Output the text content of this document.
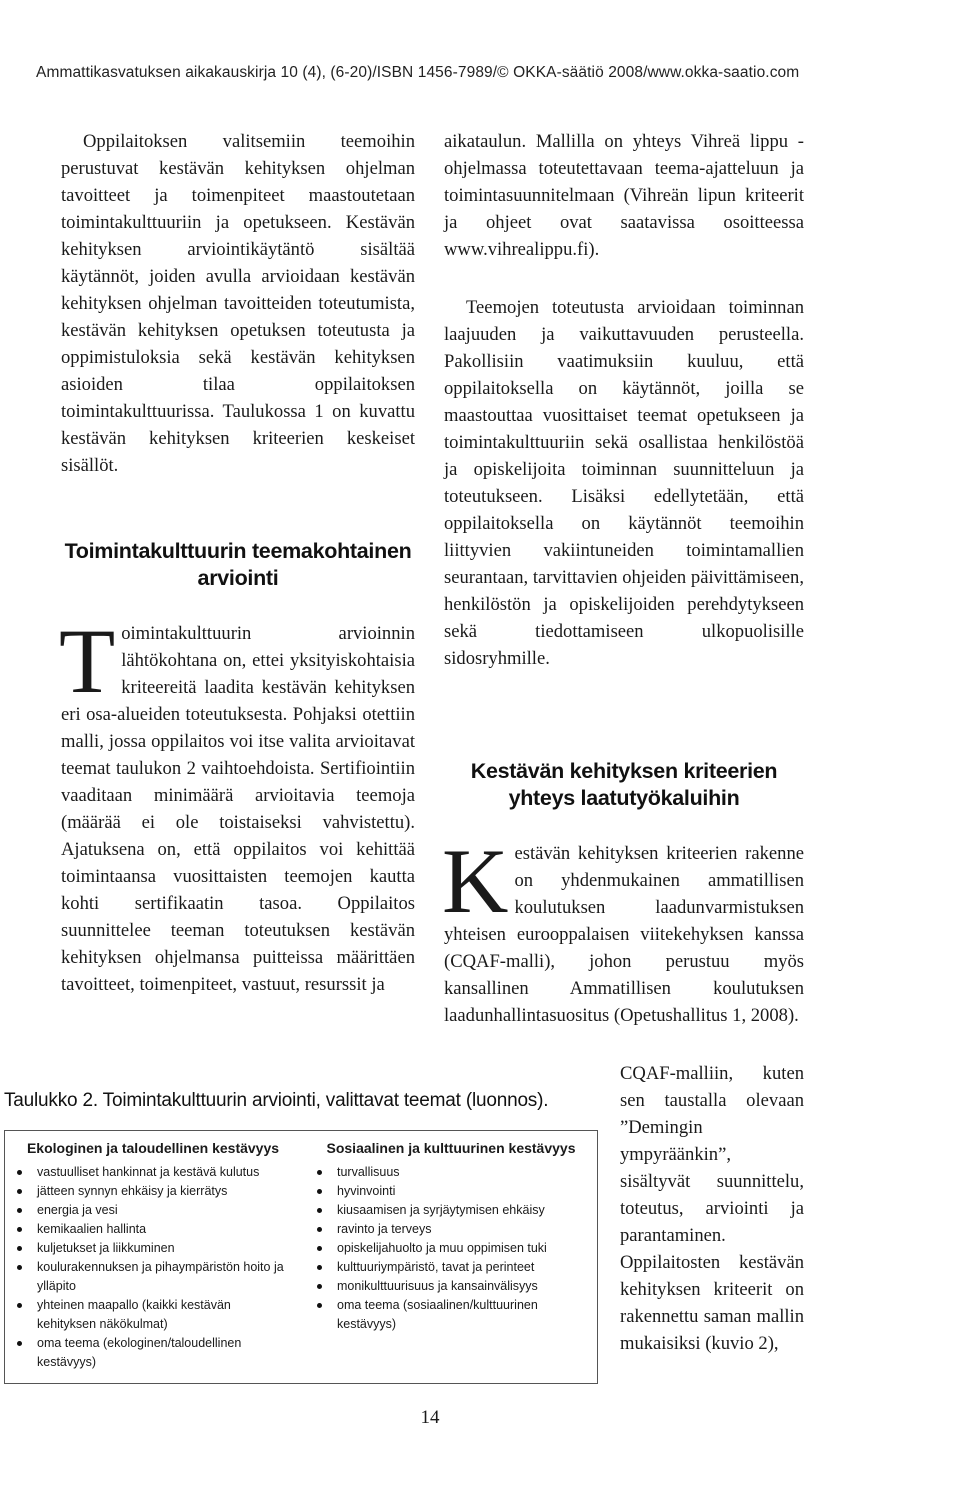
Ammattikasvatuksen aikakauskirja 10 (4), (6-20)/ISBN 1456-7989/© OKKA-säätiö 2008/www.okka-saatio.com

Oppilaitoksen valitsemiin teemoihin perustuvat kestävän kehityksen ohjelman tavoitteet ja toimenpiteet maastoutetaan toimintakulttuuriin ja opetukseen. Kestävän kehityksen arviointikäytäntö sisältää käytännöt, joiden avulla arvioidaan kestävän kehityksen ohjelman tavoitteiden toteutumista, kestävän kehityksen opetuksen toteutusta ja oppimistuloksia sekä kestävän kehityksen asioiden tilaa oppilaitoksen toimintakulttuurissa. Taulukossa 1 on kuvattu kestävän kehityksen kriteerien keskeiset sisällöt.

Toimintakulttuurin teemakohtainen arviointi
Toimintakulttuurin arvioinnin lähtökohtana on, ettei yksityiskohtaisia kriteereitä laadita kestävän kehityksen eri osa-alueiden toteutuksesta. Pohjaksi otettiin malli, jossa oppilaitos voi itse valita arvioitavat teemat taulukon 2 vaihtoehdoista. Sertifiointiin vaaditaan minimäärä arvioitavia teemoja (määrää ei ole toistaiseksi vahvistettu). Ajatuksena on, että oppilaitos voi kehittää toimintaansa vuosittaisten teemojen kautta kohti sertifikaatin tasoa. Oppilaitos suunnittelee teeman toteutuksen kestävän kehityksen ohjelmansa puitteissa määrittäen tavoitteet, toimenpiteet, vastuut, resurssit ja

aikataulun. Mallilla on yhteys Vihreä lippu -ohjelmassa toteutettavaan teema-ajatteluun ja toimintasuunnitelmaan (Vihreän lipun kriteerit ja ohjeet ovat saatavissa osoitteessa www.vihrealippu.fi).

Teemojen toteutusta arvioidaan toiminnan laajuuden ja vaikuttavuuden perusteella. Pakollisiin vaatimuksiin kuuluu, että oppilaitoksella on käytännöt, joilla se maastouttaa vuosittaiset teemat opetukseen ja toimintakulttuuriin sekä osallistaa henkilöstöä ja opiskelijoita toiminnan suunnitteluun ja toteutukseen. Lisäksi edellytetään, että oppilaitoksella on käytännöt teemoihin liittyvien vakiintuneiden toimintamallien seurantaan, tarvittavien ohjeiden päivittämiseen, henkilöstön ja opiskelijoiden perehdytykseen sekä tiedottamiseen ulkopuolisille sidosryhmille.

Kestävän kehityksen kriteerien yhteys laatutyökaluihin
Kestävän kehityksen kriteerien rakenne on yhdenmukainen ammatillisen koulutuksen laadunvarmistuksen yhteisen eurooppalaisen viitekehyksen kanssa (CQAF-malli), johon perustuu myös kansallinen Ammatillisen koulutuksen laadunhallintasuositus (Opetushallitus 1, 2008).
CQAF-malliin, kuten sen taustalla olevaan ”Demingin ympyräänkin”, sisältyvät suunnittelu, toteutus, arviointi ja parantaminen. Oppilaitosten kestävän kehityksen kriteerit on rakennettu saman mallin mukaisiksi (kuvio 2),
Taulukko 2. Toimintakulttuurin arviointi, valittavat teemat (luonnos).
Ekologinen ja taloudellinen kestävyys
vastuulliset hankinnat ja kestävä kulutus
jätteen synnyn ehkäisy ja kierrätys
energia ja vesi
kemikaalien hallinta
kuljetukset ja liikkuminen
koulurakennuksen ja pihaympäristön hoito ja ylläpito
yhteinen maapallo (kaikki kestävän kehityksen näkökulmat)
oma teema (ekologinen/taloudellinen kestävyys)
Sosiaalinen ja kulttuurinen kestävyys
turvallisuus
hyvinvointi
kiusaamisen ja syrjäytymisen ehkäisy
ravinto ja terveys
opiskelijahuolto ja muu oppimisen tuki
kulttuuriympäristö, tavat ja perinteet
monikulttuurisuus ja kansainvälisyys
oma teema (sosiaalinen/kulttuurinen kestävyys)
14
